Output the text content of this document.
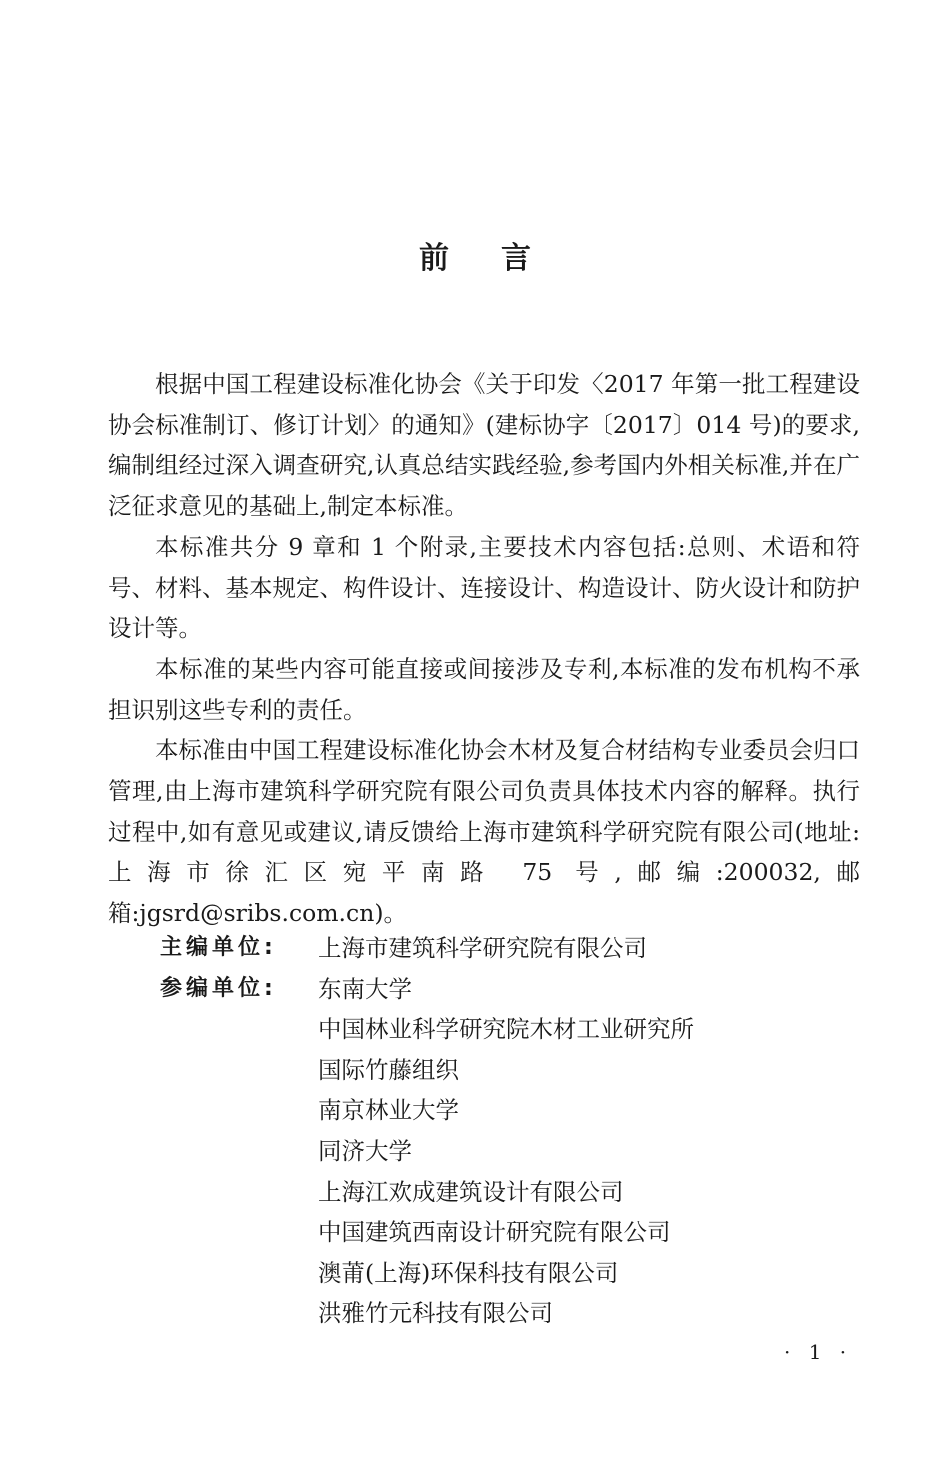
前言

根据中国工程建设标准化协会《关于印发〈2017 年第一批工程建设协会标准制订、修订计划〉的通知》(建标协字〔2017〕014 号)的要求,编制组经过深入调查研究,认真总结实践经验,参考国内外相关标准,并在广泛征求意见的基础上,制定本标准。

本标准共分 9 章和 1 个附录,主要技术内容包括:总则、术语和符号、材料、基本规定、构件设计、连接设计、构造设计、防火设计和防护设计等。

本标准的某些内容可能直接或间接涉及专利,本标准的发布机构不承担识别这些专利的责任。

本标准由中国工程建设标准化协会木材及复合材结构专业委员会归口管理,由上海市建筑科学研究院有限公司负责具体技术内容的解释。执行过程中,如有意见或建议,请反馈给上海市建筑科学研究院有限公司(地址:上海市徐汇区宛平南路 75 号,邮编:200032,邮箱:jgsrd@sribs.com.cn)。

主编单位:	上海市建筑科学研究院有限公司
参编单位:	东南大学
中国林业科学研究院木材工业研究所
国际竹藤组织
南京林业大学
同济大学
上海江欢成建筑设计有限公司
中国建筑西南设计研究院有限公司
澳莆(上海)环保科技有限公司
洪雅竹元科技有限公司
· 1 ·
